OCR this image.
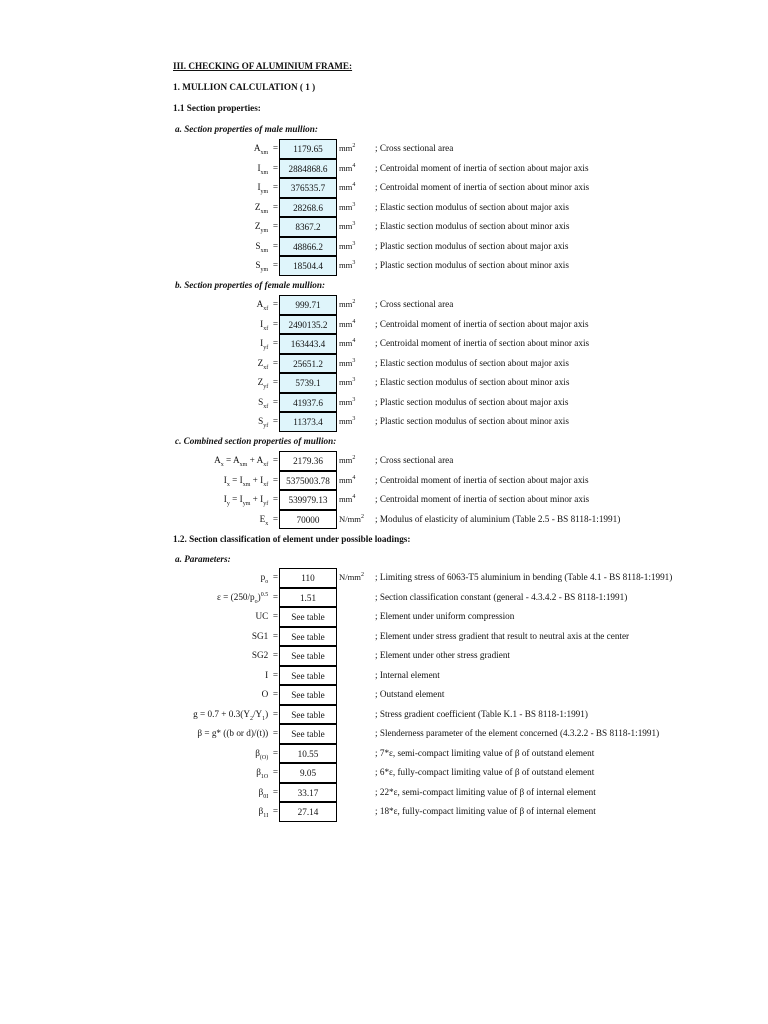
III. CHECKING OF ALUMINIUM FRAME:
1. MULLION CALCULATION ( 1 )
1.1 Section properties:
a. Section properties of male mullion:
$A_{xm}$  =	1179.65	$mm^2$ ; Cross sectional area
$I_{xm}$  =	2884868.6	$mm^4$ ; Centroidal moment of inertia of section about major axis
$I_{ym}$  =	376535.7	$mm^4$ ; Centroidal moment of inertia of section about minor axis
$Z_{xm}$  =	28268.6	$mm^3$ ; Elastic section modulus of section about major axis
$Z_{ym}$  =	8367.2	$mm^3$ ; Elastic section modulus of section about minor axis
$S_{xm}$  =	48866.2	$mm^3$ ; Plastic section modulus of section about major axis
$S_{ym}$  =	18504.4	$mm^3$ ; Plastic section modulus of section about minor axis
b. Section properties of female mullion:
$A_{xf}$  =	999.71	$mm^2$ ; Cross sectional area
$I_{xf}$  =	2490135.2	$mm^4$ ; Centroidal moment of inertia of section about major axis
$I_{yf}$  =	163443.4	$mm^4$ ; Centroidal moment of inertia of section about minor axis
$Z_{xf}$  =	25651.2	$mm^3$ ; Elastic section modulus of section about major axis
$Z_{yf}$  =	5739.1	$mm^3$ ; Elastic section modulus of section about minor axis
$S_{xf}$  =	41937.6	$mm^3$ ; Plastic section modulus of section about major axis
$S_{yf}$  =	11373.4	$mm^3$ ; Plastic section modulus of section about minor axis
c. Combined section properties of mullion:
$A_x = A_{xm} + A_{xf}$  =	2179.36	$mm^2$ ; Cross sectional area
$I_x = I_{xm} + I_{xf} = 5375003.78$	$mm^4$ ; Centroidal moment of inertia of section about major axis
$I_y = I_{ym} + I_{yf}$  =	539979.13	$mm^4$ ; Centroidal moment of inertia of section about minor axis
$E_x$  =	70000	$N/mm^2$ ; Modulus of elasticity of aluminium (Table 2.5 - BS 8118-1:1991)
1.2. Section classification of element under possible loadings:
a. Parameters:
$p_o$  =	110	$N/mm^2$ ; Limiting stress of 6063-T5 aluminium in bending (Table 4.1 - BS 8118-1:1991)
$\varepsilon = (250/p_o)^{0.5}$  =	1.51	; Section classification constant (general - 4.3.4.2 - BS 8118-1:1991)
UC  =	See table	; Element under uniform compression
SG1  =	See table	; Element under stress gradient that result to neutral axis at the center
SG2  =	See table	; Element under other stress gradient
I  =	See table	; Internal element
O  =	See table	; Outstand element
$g = 0.7 + 0.3(Y_2/Y_1)$  =	See table	; Stress gradient coefficient (Table K.1 - BS 8118-1:1991)
β = g* ((b or d)/(t))  =	See table	; Slenderness parameter of the element concerned (4.3.2.2 - BS 8118-1:1991)
$\beta_{(O)}$  =	10.55	; 7*ε, semi-compact limiting value of β of outstand element
$\beta_{1O}$  =	9.05	; 6*ε, fully-compact limiting value of β of outstand element
$\beta_{0I}$  =	33.17	; 22*ε, semi-compact limiting value of β of internal element
$\beta_{1I}$  =	27.14	; 18*ε, fully-compact limiting value of β of internal element
